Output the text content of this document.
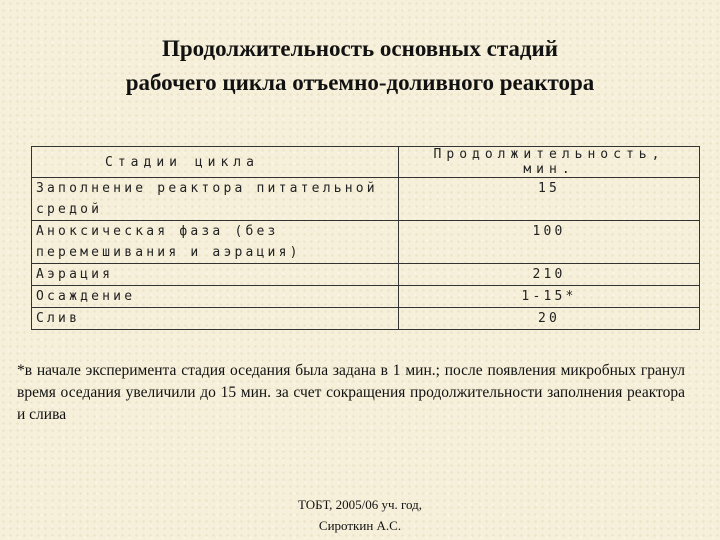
Продолжительность основных стадий
рабочего цикла отъемно-доливного реактора
Стадии цикла	Продолжительность, мин.
Заполнение реактора питательной средой	15
Аноксическая фаза (без перемешивания и аэрация)	100
Аэрация	210
Осаждение	1-15*
Слив	20
*в начале эксперимента стадия оседания была задана в 1 мин.; после появления микробных гранул время оседания увеличили до 15 мин. за счет сокращения продолжительности заполнения реактора и слива
ТОБТ, 2005/06 уч. год,
Сироткин А.С.
